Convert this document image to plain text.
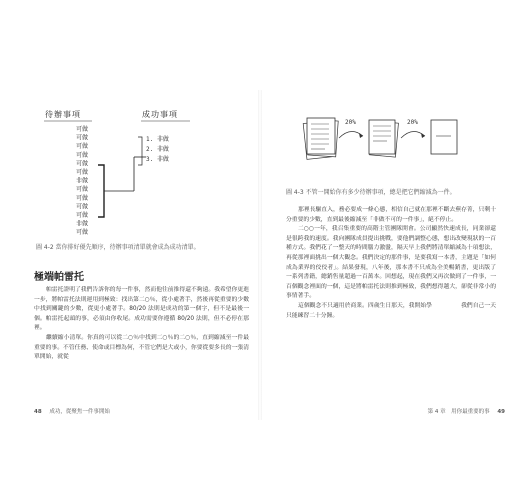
待辦事項	成功事項
可做
可做
可做
可做
可做
可做
非做
可做
可做
可做
可做
非做
可做
1. 非做
2. 非做
3. 非做
圖 4-2 當你排好優先順序，待辦事項清單就會成為成功清單。
極端帕雷托

帕雷托證明了我們告訴你的每一件事，然而他往前推得還不夠遠。我希望你更進一步，將帕雷托法則運用到極致：找出第二○％，從小處著手，然後再從重要的少數中找到關鍵的少數，從更小處著手。80/20 法則是成功的第一個字，但不是最後一個。帕雷托起頭的事，必須由你收尾。成功需要你遵循 80/20 法則，但不必停在那裡。

繼續縮小清單。你真的可以從二○％中找到二○％的二○％，直到縮減至一件最重要的事。不管任務、使命或目標為何，不管它們是大或小，你要從要多長的一張清單開始，就從

48 成功，從聚焦一件事開始
20%	20%
圖 4-3 不管一開始你有多少待辦事項，總是把它們縮減為一件。

那裡長驅直入，務必要成一條心態，相信自己就在那裡不斷去蕪存菁，只剩十分重要的少數，直到最後縮減至「非做不可的一件事」，絕不停止。

二○○一年，我召集重要的高階主管團隊開會。公司顯然快速成長，同業卻還是很跨我的速度。我向團隊成員提出挑戰，要他們調整心態，想出改變現狀的一百種方式。我們花了一整天的時間腦力激盪，隔天早上我們將清單縮減為十項想法，再從那裡面挑出一個大觀念。我們決定的那件事，是要我寫一本書，主題是「如何成為業界的佼佼者」。結果發現，八年後，那本書不只成為全美暢銷書，更出版了一系列書籍，總銷售量超過一百萬本。回想起，現在我們又再次做到了一件事，一百個觀念裡面的一個，這是將帕雷托法則推到極致，我們想得越大，卻從非常小的事情著手。

這個觀念不只適用於商業。四歲生日那天，我開始學　　　　　我們自己一天只能練習二十分鐘。　　　　　

第 4 章　用你最重要的事 49
